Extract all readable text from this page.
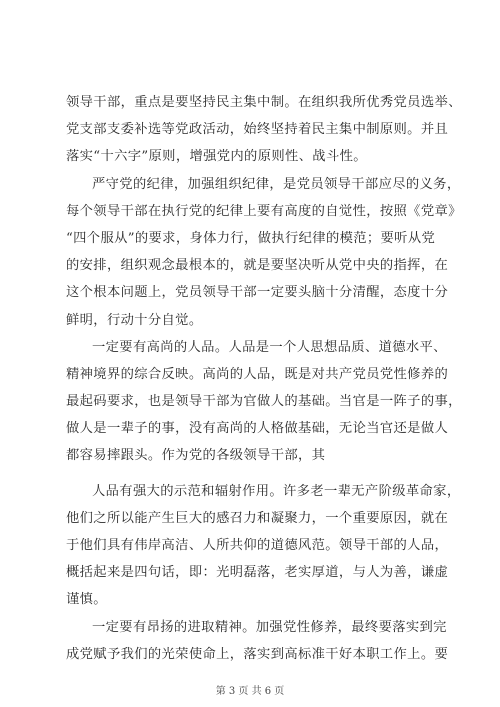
领导干部，重点是要坚持民主集中制。在组织我所优秀党员选举、
党支部支委补选等党政活动，始终坚持着民主集中制原则。并且
落实“十六字”原则，增强党内的原则性、战斗性。
严守党的纪律，加强组织纪律，是党员领导干部应尽的义务，
每个领导干部在执行党的纪律上要有高度的自觉性，按照《党章》
“四个服从”的要求，身体力行，做执行纪律的模范；要听从党
的安排，组织观念最根本的，就是要坚决听从党中央的指挥，在
这个根本问题上，党员领导干部一定要头脑十分清醒，态度十分
鲜明，行动十分自觉。
一定要有高尚的人品。人品是一个人思想品质、道德水平、
精神境界的综合反映。高尚的人品，既是对共产党员党性修养的
最起码要求，也是领导干部为官做人的基础。当官是一阵子的事，
做人是一辈子的事，没有高尚的人格做基础，无论当官还是做人
都容易摔跟头。作为党的各级领导干部，其
人品有强大的示范和辐射作用。许多老一辈无产阶级革命家，
他们之所以能产生巨大的感召力和凝聚力，一个重要原因，就在
于他们具有伟岸高洁、人所共仰的道德风范。领导干部的人品，
概括起来是四句话，即：光明磊落，老实厚道，与人为善，谦虚
谨慎。
一定要有昂扬的进取精神。加强党性修养，最终要落实到完
成党赋予我们的光荣使命上，落实到高标准干好本职工作上。要
第 3 页 共 6 页
